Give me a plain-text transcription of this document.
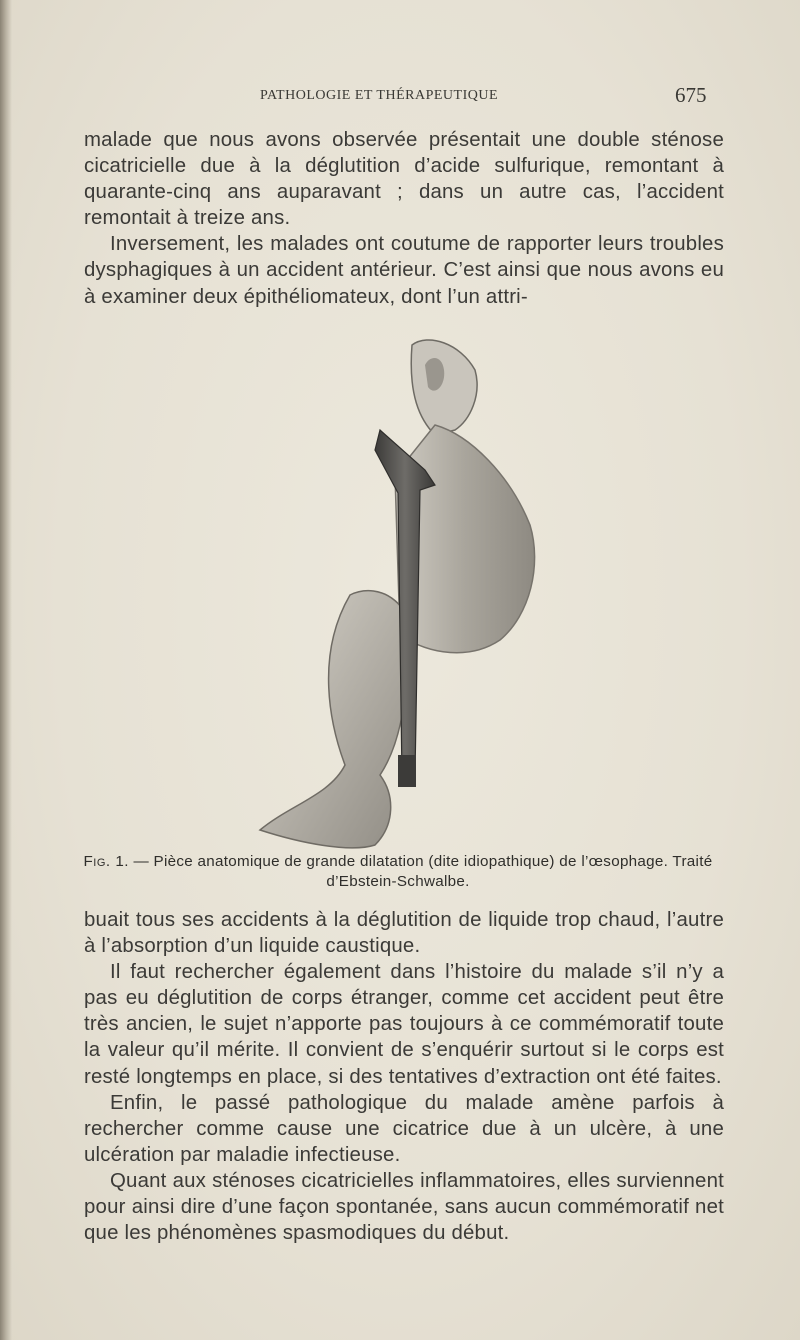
PATHOLOGIE ET THÉRAPEUTIQUE	675

malade que nous avons observée présentait une double sténose cicatricielle due à la déglutition d’acide sulfurique, remontant à quarante-cinq ans auparavant ; dans un autre cas, l’accident remontait à treize ans.

Inversement, les malades ont coutume de rapporter leurs troubles dysphagiques à un accident antérieur. C’est ainsi que nous avons eu à examiner deux épithéliomateux, dont l’un attri-

Fig. 1. — Pièce anatomique de grande dilatation (dite idiopathique) de l’œsophage. Traité d’Ebstein-Schwalbe.

buait tous ses accidents à la déglutition de liquide trop chaud, l’autre à l’absorption d’un liquide caustique.

Il faut rechercher également dans l’histoire du malade s’il n’y a pas eu déglutition de corps étranger, comme cet accident peut être très ancien, le sujet n’apporte pas toujours à ce commémoratif toute la valeur qu’il mérite. Il convient de s’enquérir surtout si le corps est resté longtemps en place, si des tentatives d’extraction ont été faites.

Enfin, le passé pathologique du malade amène parfois à rechercher comme cause une cicatrice due à un ulcère, à une ulcération par maladie infectieuse.

Quant aux sténoses cicatricielles inflammatoires, elles surviennent pour ainsi dire d’une façon spontanée, sans aucun commémoratif net que les phénomènes spasmodiques du début.
